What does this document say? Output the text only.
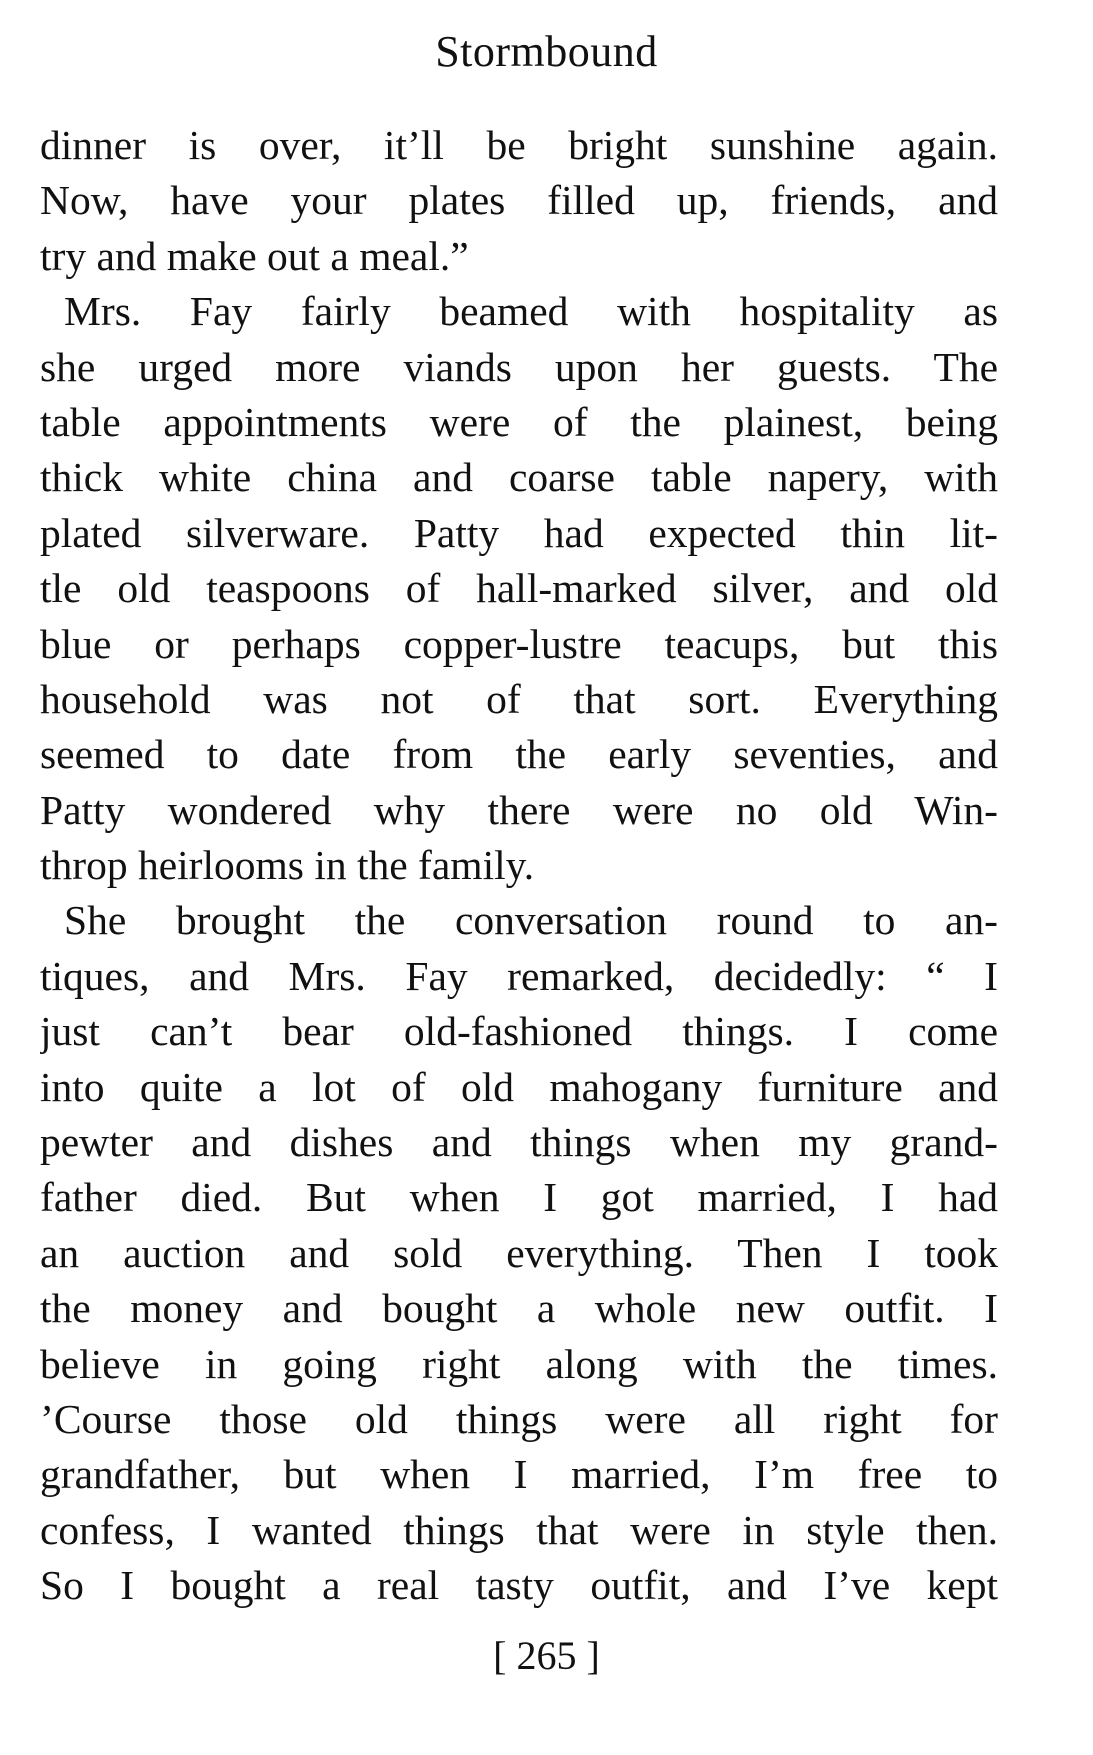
Stormbound
dinner is over, it’ll be bright sunshine again.
Now, have your plates filled up, friends, and
try and make out a meal.”
Mrs. Fay fairly beamed with hospitality as
she urged more viands upon her guests. The
table appointments were of the plainest, being
thick white china and coarse table napery, with
plated silverware. Patty had expected thin lit-
tle old teaspoons of hall-marked silver, and old
blue or perhaps copper-lustre teacups, but this
household was not of that sort. Everything
seemed to date from the early seventies, and
Patty wondered why there were no old Win-
throp heirlooms in the family.
She brought the conversation round to an-
tiques, and Mrs. Fay remarked, decidedly: “ I
just can’t bear old-fashioned things. I come
into quite a lot of old mahogany furniture and
pewter and dishes and things when my grand-
father died. But when I got married, I had
an auction and sold everything. Then I took
the money and bought a whole new outfit. I
believe in going right along with the times.
’Course those old things were all right for
grandfather, but when I married, I’m free to
confess, I wanted things that were in style then.
So I bought a real tasty outfit, and I’ve kept
[ 265 ]
